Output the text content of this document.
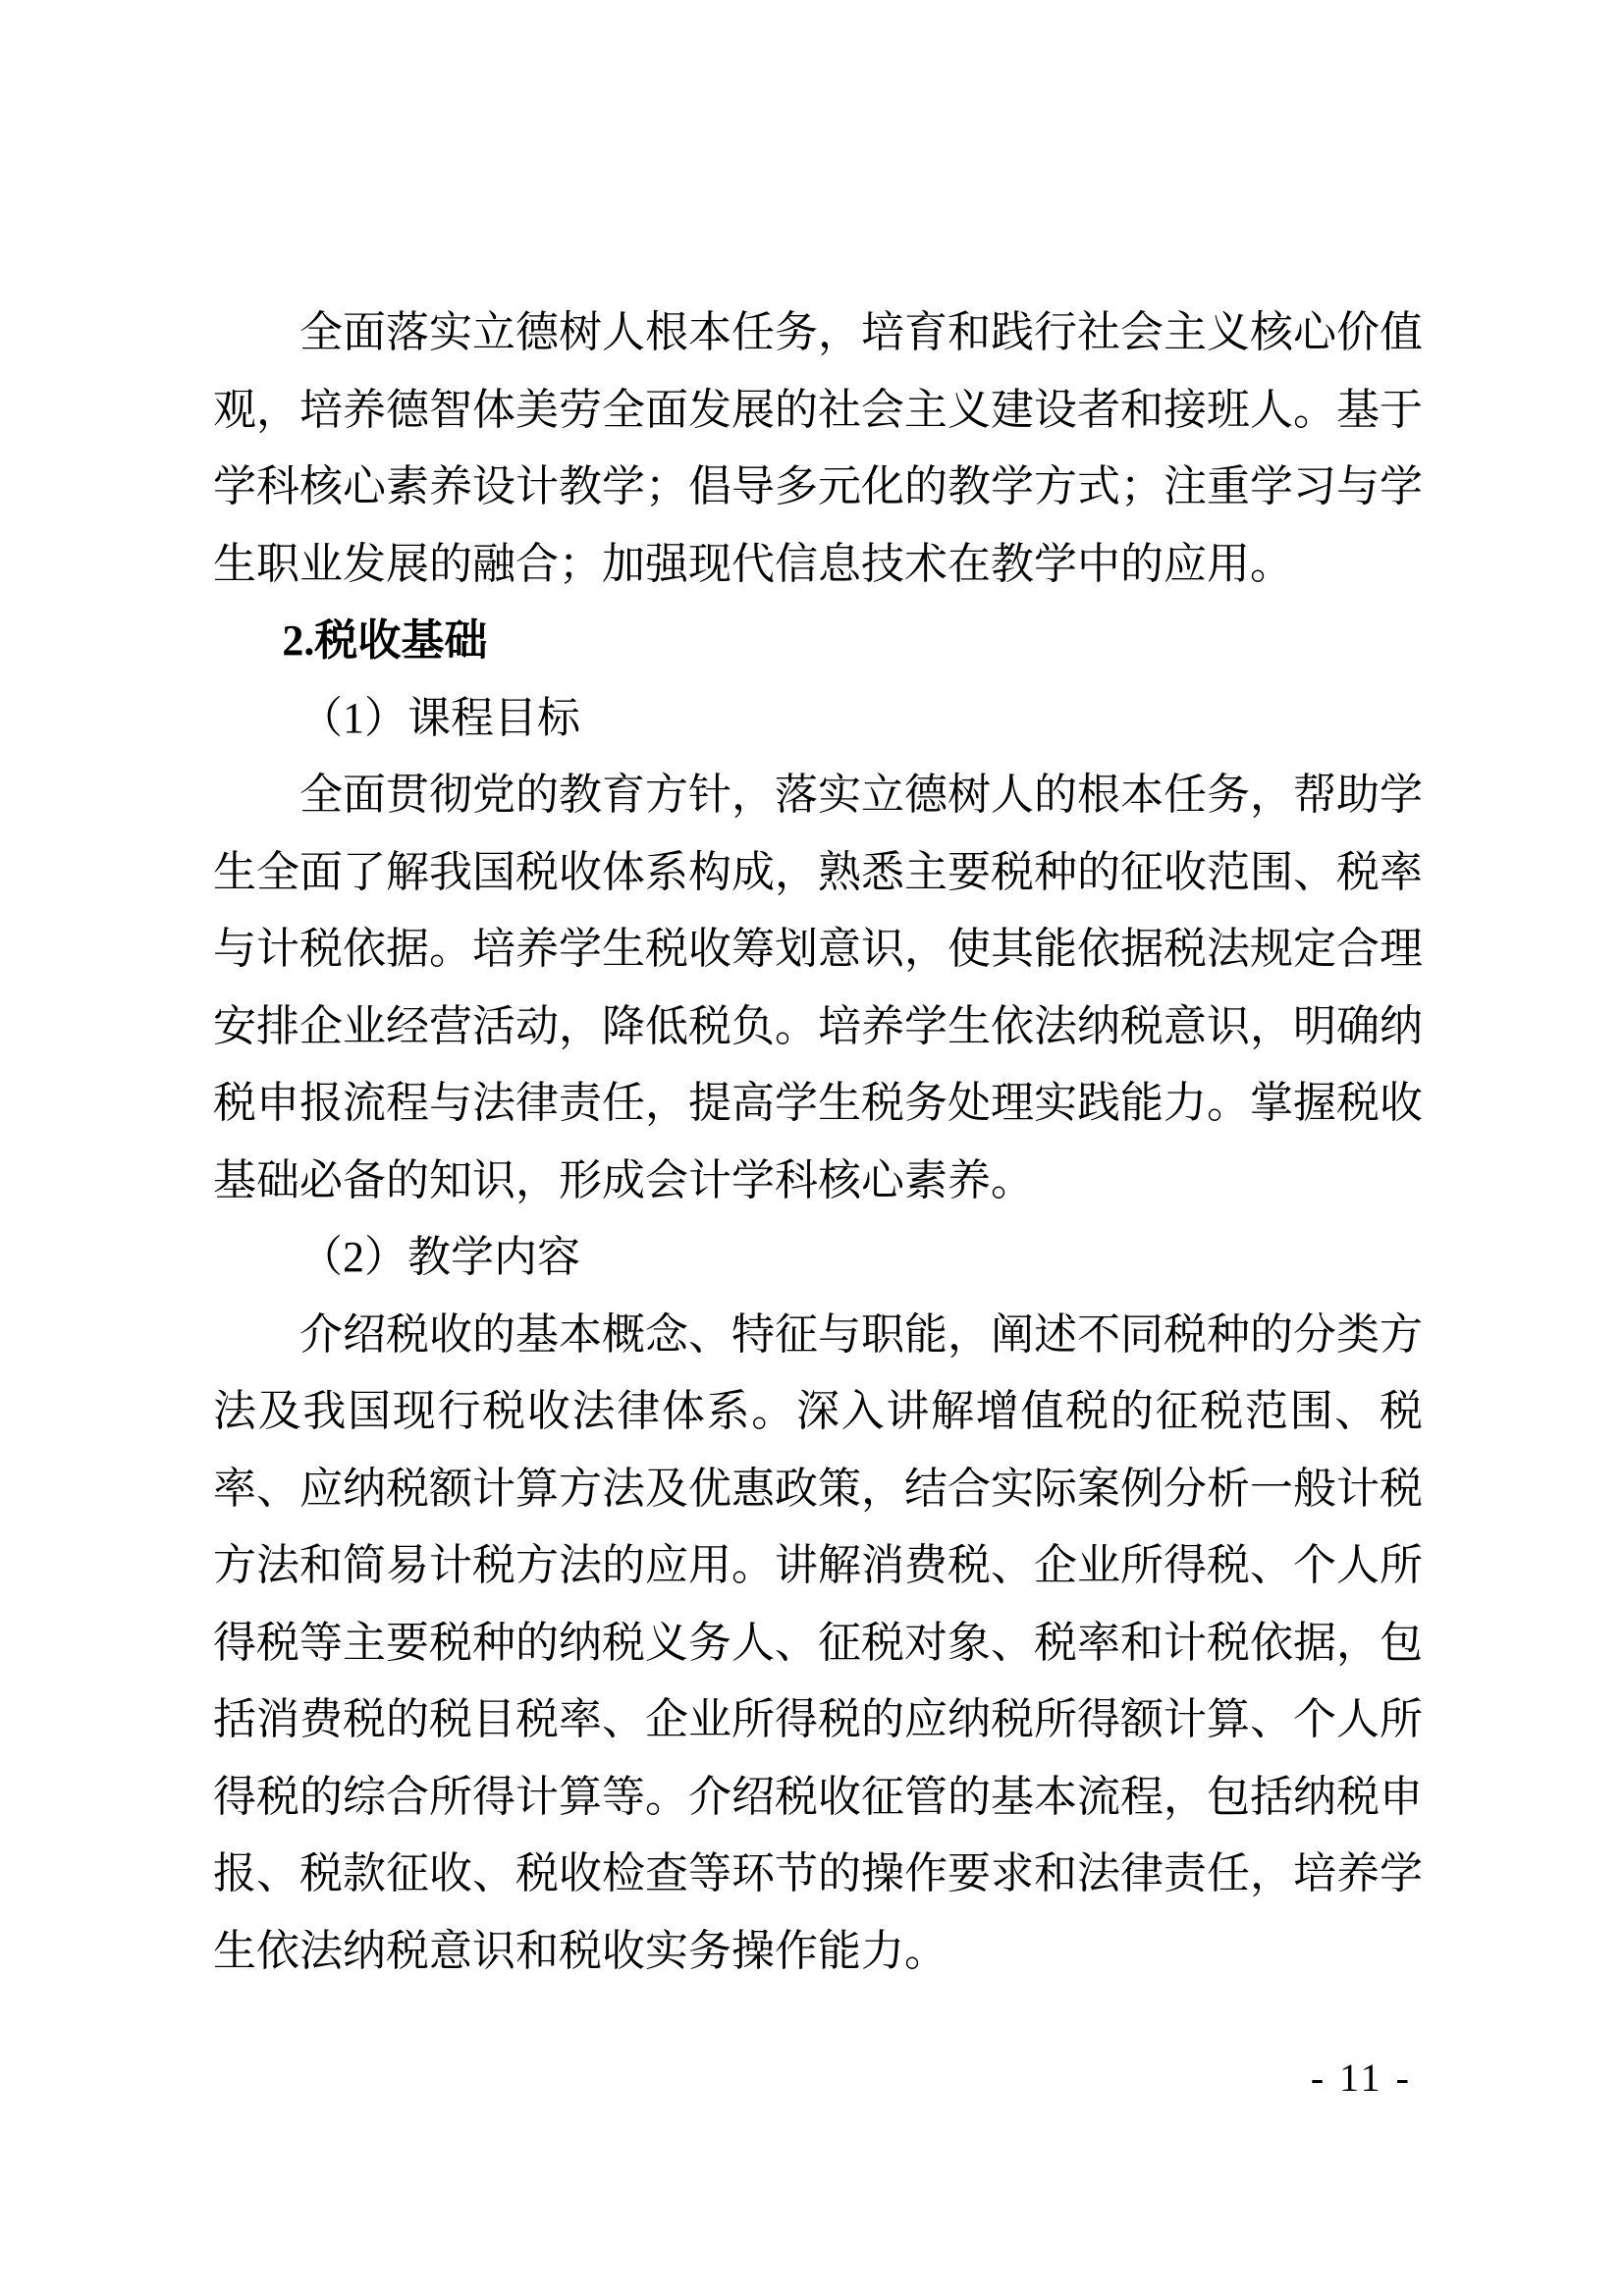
全面落实立德树人根本任务，培育和践行社会主义核心价值观，培养德智体美劳全面发展的社会主义建设者和接班人。基于学科核心素养设计教学；倡导多元化的教学方式；注重学习与学生职业发展的融合；加强现代信息技术在教学中的应用。

2.税收基础

（1）课程目标

全面贯彻党的教育方针，落实立德树人的根本任务，帮助学生全面了解我国税收体系构成，熟悉主要税种的征收范围、税率与计税依据。培养学生税收筹划意识，使其能依据税法规定合理安排企业经营活动，降低税负。培养学生依法纳税意识，明确纳税申报流程与法律责任，提高学生税务处理实践能力。掌握税收基础必备的知识，形成会计学科核心素养。

（2）教学内容

介绍税收的基本概念、特征与职能，阐述不同税种的分类方法及我国现行税收法律体系。深入讲解增值税的征税范围、税率、应纳税额计算方法及优惠政策，结合实际案例分析一般计税方法和简易计税方法的应用。讲解消费税、企业所得税、个人所得税等主要税种的纳税义务人、征税对象、税率和计税依据，包括消费税的税目税率、企业所得税的应纳税所得额计算、个人所得税的综合所得计算等。介绍税收征管的基本流程，包括纳税申报、税款征收、税收检查等环节的操作要求和法律责任，培养学生依法纳税意识和税收实务操作能力。

- 11 -
